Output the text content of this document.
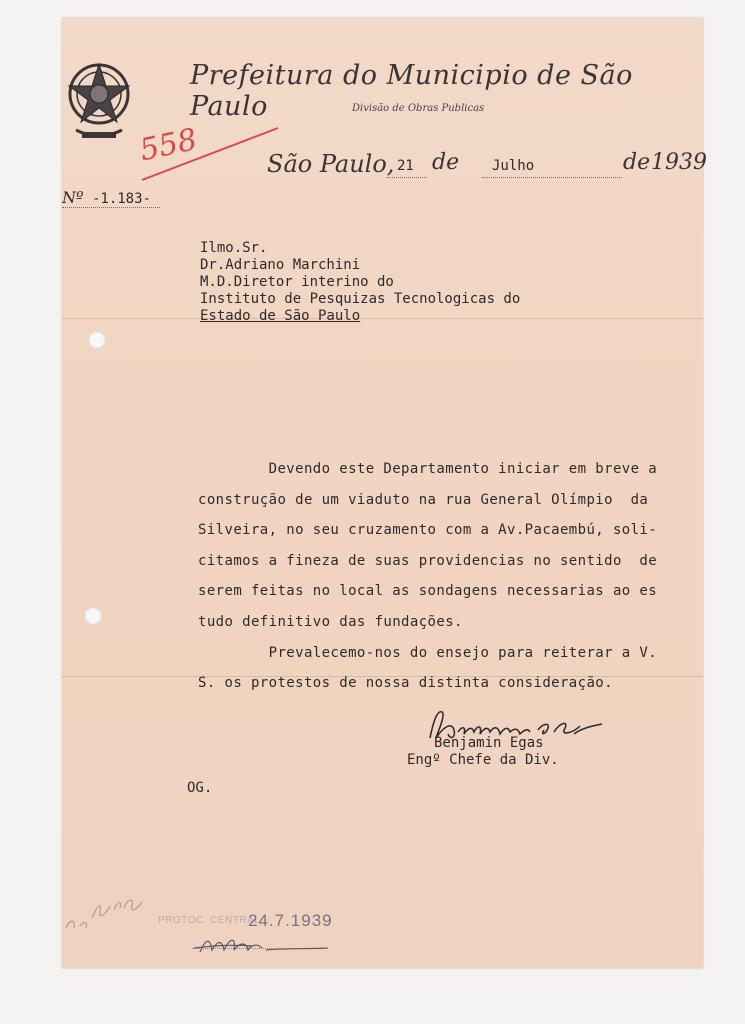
Prefeitura do Municipio de São Paulo	Divisão de Obras Publicas
558	São Paulo, 21 de Julho	de 1939
Nº -1.183-
Ilmo.Sr.
Dr.Adriano Marchini
M.D.Diretor interino do
Instituto de Pesquizas Tecnologicas do
Estado de São Paulo
Devendo este Departamento iniciar em breve a
construção de um viaduto na rua General Olímpio  da
Silveira, no seu cruzamento com a Av.Pacaembú, soli-
citamos a fineza de suas providencias no sentido  de
serem feitas no local as sondagens necessarias ao es
tudo definitivo das fundações.
Prevalecemo-nos do ensejo para reiterar a V.
S. os protestos de nossa distinta consideração.
Benjamin Egas
Engº Chefe da Div.
OG.
PROTOC. CENTRAL
24.7.1939
